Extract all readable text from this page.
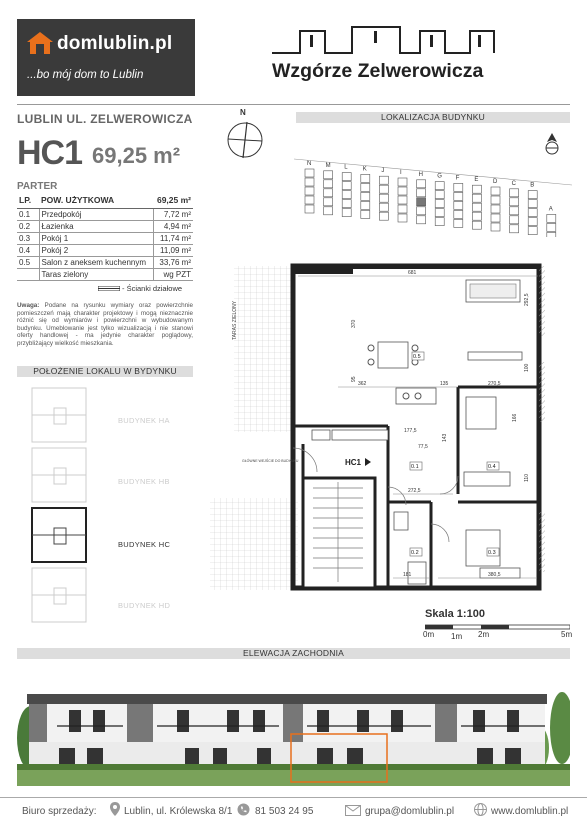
domlublin.pl
...bo mój dom to Lublin	Wzgórze Zelwerowicza
LUBLIN UL. ZELWEROWICZA
HC1 69,25 m²
PARTER
LP.	POW. UŻYTKOWA	69,25 m²
0.1	Przedpokój	7,72 m²
0.2	Łazienka	4,94 m²
0.3	Pokój 1	11,74 m²
0.4	Pokój 2	11,09 m²
0.5	Salon z aneksem kuchennym	33,76 m²
	Taras zielony	wg PZT
- Ścianki działowe
Uwaga: Podane na rysunku wymiary oraz powierzchnie pomieszczeń mają charakter projektowy i mogą nieznacznie różnić się od wymiarów i powierzchni w wybudowanym budynku. Umeblowanie jest tylko wizualizacją i nie stanowi oferty handlowej - ma jedynie charakter poglądowy, przybliżający wielkość mieszkania.
N	LOKALIZACJA BUDYNKU
N M L	K J	I	H G F E D C B
A
681
292,5
362	135	270,5
177,5
272,5
181	380,5
166
143
100
370
110
95
77,5
TARAS ZIELONY
GŁÓWNE WEJŚCIE DO BUDYNKU	HC1
0.5
0.1	0.4
0.2	0.3
POŁOŻENIE LOKALU W BYDYNKU
BUDYNEK HA
BUDYNEK HB
BUDYNEK HC
BUDYNEK HD
Skala 1:100
0m 1m 2m	5m
ELEWACJA ZACHODNIA
Biuro sprzedaży:	Lublin, ul. Królewska 8/1 81 503 24 95	grupa@domlublin.pl	www.domlublin.pl
